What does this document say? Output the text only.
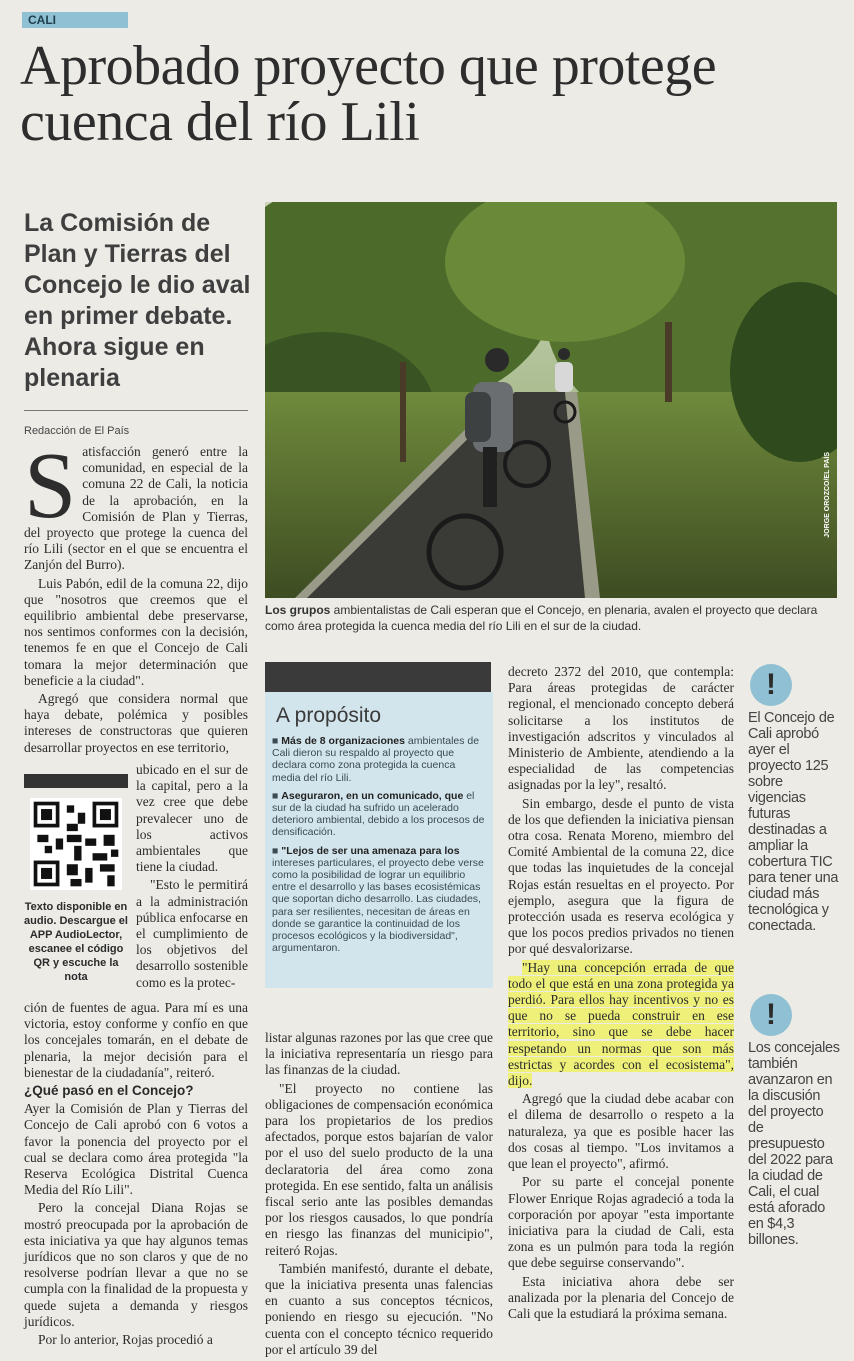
CALI
Aprobado proyecto que protege cuenca del río Lili
La Comisión de Plan y Tierras del Concejo le dio aval en primer debate. Ahora sigue en plenaria
Redacción de El País

Satisfacción generó entre la comunidad, en especial de la comuna 22 de Cali, la noticia de la aprobación, en la Comisión de Plan y Tierras, del proyecto que protege la cuenca del río Lili (sector en el que se encuentra el Zanjón del Burro).

Luis Pabón, edil de la comuna 22, dijo que "nosotros que creemos que el equilibrio ambiental debe preservarse, nos sentimos conformes con la decisión, tenemos fe en que el Concejo de Cali tomara la mejor determinación que beneficie a la ciudad".

Agregó que considera normal que haya debate, polémica y posibles intereses de constructoras que quieren desarrollar proyectos en ese territorio,

Texto disponible en audio. Descargue el APP AudioLector, escanee el código QR y escuche la nota

ubicado en el sur de la capital, pero a la vez cree que debe prevalecer uno de los activos ambientales que tiene la ciudad.

"Esto le permitirá a la administración pública enfocarse en el cumplimiento de los objetivos del desarrollo sostenible como es la protec-

ción de fuentes de agua. Para mí es una victoria, estoy conforme y confío en que los concejales tomarán, en el debate de plenaria, la mejor decisión para el bienestar de la ciudadanía", reiteró.

¿Qué pasó en el Concejo?

Ayer la Comisión de Plan y Tierras del Concejo de Cali aprobó con 6 votos a favor la ponencia del proyecto por el cual se declara como área protegida "la Reserva Ecológica Distrital Cuenca Media del Río Lili".

Pero la concejal Diana Rojas se mostró preocupada por la aprobación de esta iniciativa ya que hay algunos temas jurídicos que no son claros y que de no resolverse podrían llevar a que no se cumpla con la finalidad de la propuesta y quede sujeta a demanda y riesgos jurídicos.

Por lo anterior, Rojas procedió a

JORGE OROZCO/EL PAÍS
Los grupos ambientalistas de Cali esperan que el Concejo, en plenaria, avalen el proyecto que declara como área protegida la cuenca media del río Lili en el sur de la ciudad.
A propósito
■ Más de 8 organizaciones ambientales de Cali dieron su respaldo al proyecto que declara como zona protegida la cuenca media del río Lili.
■ Aseguraron, en un comunicado, que el sur de la ciudad ha sufrido un acelerado deterioro ambiental, debido a los procesos de densificación.
■ "Lejos de ser una amenaza para los intereses particulares, el proyecto debe verse como la posibilidad de lograr un equilibrio entre el desarrollo y las bases ecosistémicas que soportan dicho desarrollo. Las ciudades, para ser resilientes, necesitan de áreas en donde se garantice la continuidad de los procesos ecológicos y la biodiversidad", argumentaron.

listar algunas razones por las que cree que la iniciativa representaría un riesgo para las finanzas de la ciudad.

"El proyecto no contiene las obligaciones de compensación económica para los propietarios de los predios afectados, porque estos bajarían de valor por el uso del suelo producto de la una declaratoria del área como zona protegida. En ese sentido, falta un análisis fiscal serio ante las posibles demandas por los riesgos causados, lo que pondría en riesgo las finanzas del municipio", reiteró Rojas.

También manifestó, durante el debate, que la iniciativa presenta unas falencias en cuanto a sus conceptos técnicos, poniendo en riesgo su ejecución. "No cuenta con el concepto técnico requerido por el artículo 39 del

decreto 2372 del 2010, que contempla: Para áreas protegidas de carácter regional, el mencionado concepto deberá solicitarse a los institutos de investigación adscritos y vinculados al Ministerio de Ambiente, atendiendo a la especialidad de las competencias asignadas por la ley", resaltó.

Sin embargo, desde el punto de vista de los que defienden la iniciativa piensan otra cosa. Renata Moreno, miembro del Comité Ambiental de la comuna 22, dice que todas las inquietudes de la concejal Rojas están resueltas en el proyecto. Por ejemplo, asegura que la figura de protección usada es reserva ecológica y que los pocos predios privados no tienen por qué desvalorizarse.

"Hay una concepción errada de que todo el que está en una zona protegida ya perdió. Para ellos hay incentivos y no es que no se pueda construir en ese territorio, sino que se debe hacer respetando un normas que son más estrictas y acordes con el ecosistema", dijo.

Agregó que la ciudad debe acabar con el dilema de desarrollo o respeto a la naturaleza, ya que es posible hacer las dos cosas al tiempo. "Los invitamos a que lean el proyecto", afirmó.

Por su parte el concejal ponente Flower Enrique Rojas agradeció a toda la corporación por apoyar "esta importante iniciativa para la ciudad de Cali, esta zona es un pulmón para toda la región que debe seguirse conservando".

Esta iniciativa ahora debe ser analizada por la plenaria del Concejo de Cali que la estudiará la próxima semana.

!
El Concejo de Cali aprobó ayer el proyecto 125 sobre vigencias futuras destinadas a ampliar la cobertura TIC para tener una ciudad más tecnológica y conectada.
!
Los concejales también avanzaron en la discusión del proyecto de presupuesto del 2022 para la ciudad de Cali, el cual está aforado en $4,3 billones.
